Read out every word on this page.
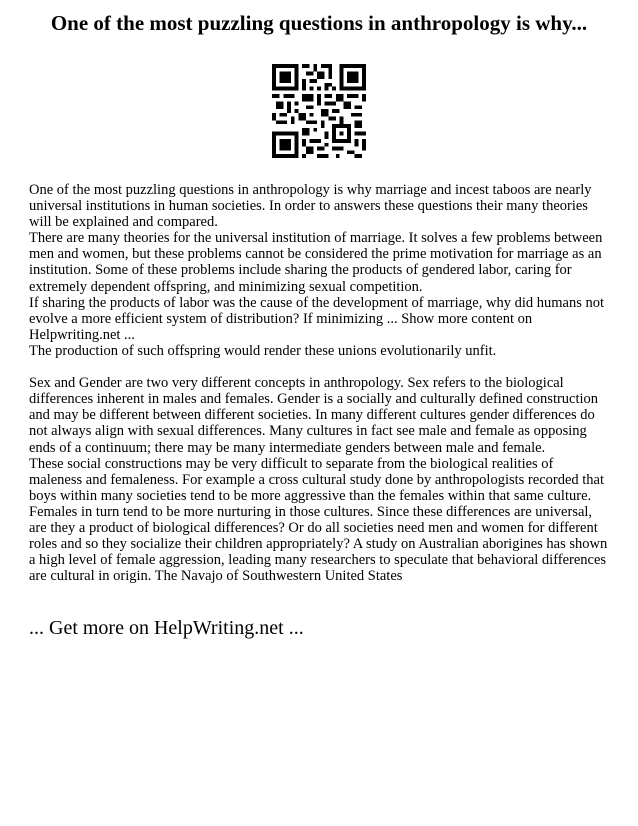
One of the most puzzling questions in anthropology is why...

One of the most puzzling questions in anthropology is why marriage and incest taboos are nearly universal institutions in human societies. In order to answers these questions their many theories will be explained and compared.

There are many theories for the universal institution of marriage. It solves a few problems between men and women, but these problems cannot be considered the prime motivation for marriage as an institution. Some of these problems include sharing the products of gendered labor, caring for extremely dependent offspring, and minimizing sexual competition.

If sharing the products of labor was the cause of the development of marriage, why did humans not evolve a more efficient system of distribution? If minimizing ... Show more content on Helpwriting.net ...

The production of such offspring would render these unions evolutionarily unfit.

Sex and Gender are two very different concepts in anthropology. Sex refers to the biological differences inherent in males and females. Gender is a socially and culturally defined construction and may be different between different societies. In many different cultures gender differences do not always align with sexual differences. Many cultures in fact see male and female as opposing ends of a continuum; there may be many intermediate genders between male and female.

These social constructions may be very difficult to separate from the biological realities of maleness and femaleness. For example a cross cultural study done by anthropologists recorded that boys within many societies tend to be more aggressive than the females within that same culture. Females in turn tend to be more nurturing in those cultures. Since these differences are universal, are they a product of biological differences? Or do all societies need men and women for different roles and so they socialize their children appropriately? A study on Australian aborigines has shown a high level of female aggression, leading many researchers to speculate that behavioral differences are cultural in origin. The Navajo of Southwestern United States

... Get more on HelpWriting.net ...
